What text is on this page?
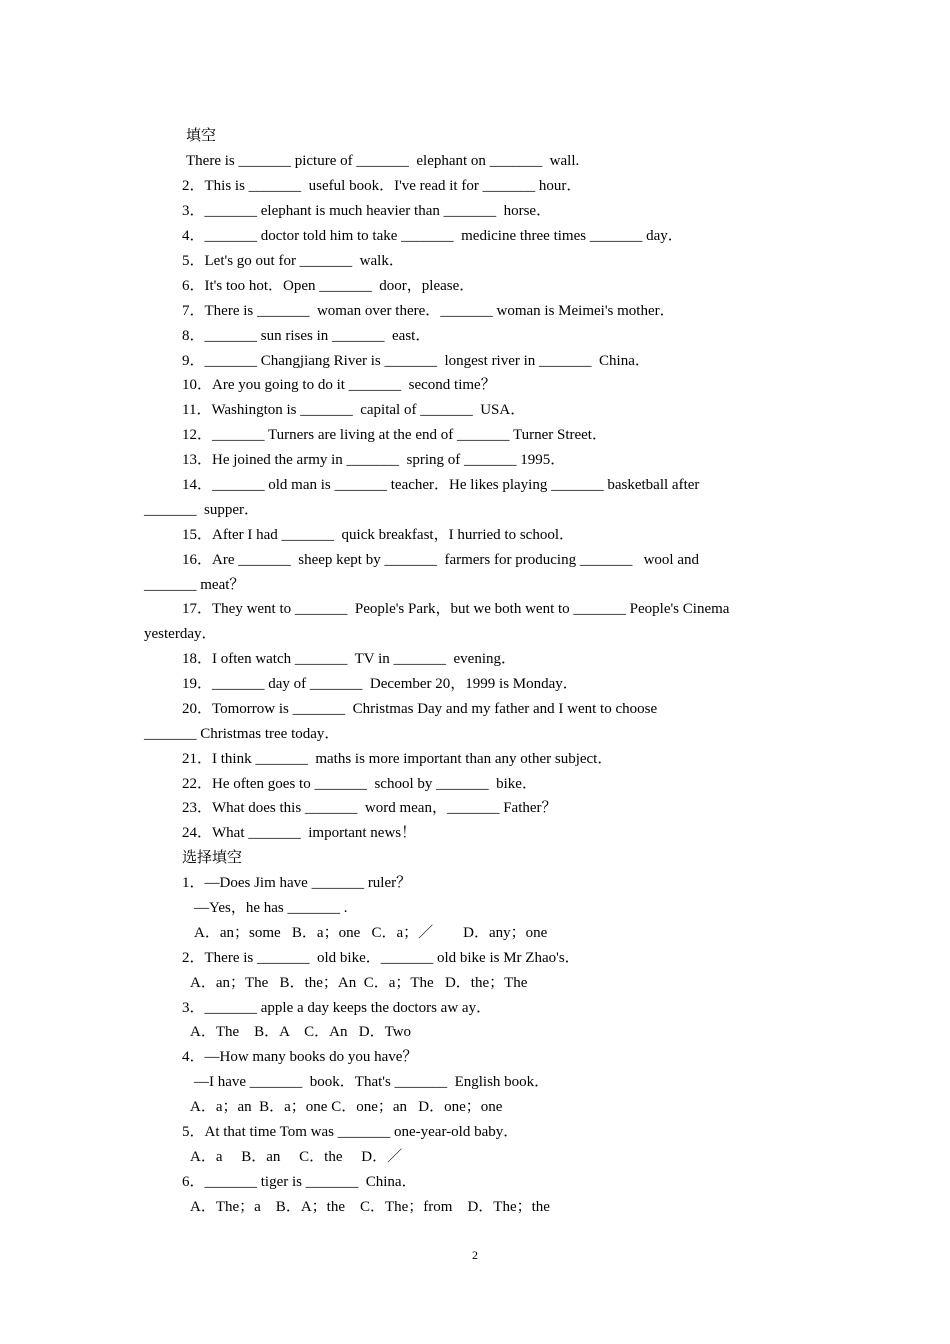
填空
There is _______ picture of _______  elephant on _______  wall.
2．This is _______  useful book．I've read it for _______ hour．
3．_______ elephant is much heavier than _______  horse．
4．_______ doctor told him to take _______  medicine three times _______ day．
5．Let's go out for _______  walk．
6．It's too hot．Open _______  door，please．
7．There is _______  woman over there．_______ woman is Meimei's mother．
8．_______ sun rises in _______  east．
9．_______ Changjiang River is _______  longest river in _______  China．
10．Are you going to do it _______  second time？
11．Washington is _______  capital of _______  USA．
12．_______ Turners are living at the end of _______ Turner Street．
13．He joined the army in _______  spring of _______ 1995．
14．_______ old man is _______ teacher．He likes playing _______ basketball after
_______  supper．
15．After I had _______  quick breakfast，I hurried to school．
16．Are _______  sheep kept by _______  farmers for producing _______   wool and
_______ meat？
17．They went to _______  People's Park，but we both went to _______ People's Cinema
yesterday．
18．I often watch _______  TV in _______  evening．
19．_______ day of _______  December 20，1999 is Monday．
20．Tomorrow is _______  Christmas Day and my father and I went to choose
_______ Christmas tree today．
21．I think _______  maths is more important than any other subject．
22．He often goes to _______  school by _______  bike．
23．What does this _______  word mean，_______ Father？
24．What _______  important news！
选择填空
1．—Does Jim have _______ ruler？
—Yes，he has _______ .
A．an；some   B．a；one   C．a；／        D．any；one
2．There is _______  old bike．_______ old bike is Mr Zhao's．
A．an；The   B．the；An  C．a；The   D．the；The
3．_______ apple a day keeps the doctors aw ay．
A．The    B．A    C．An   D．Two
4．—How many books do you have？
—I have _______  book．That's _______  English book．
A．a；an  B．a；one C．one；an   D．one；one
5．At that time Tom was _______ one-year-old baby．
A．a     B．an     C．the     D．／
6．_______ tiger is _______  China．
A．The；a    B．A；the    C．The；from    D．The；the
2
